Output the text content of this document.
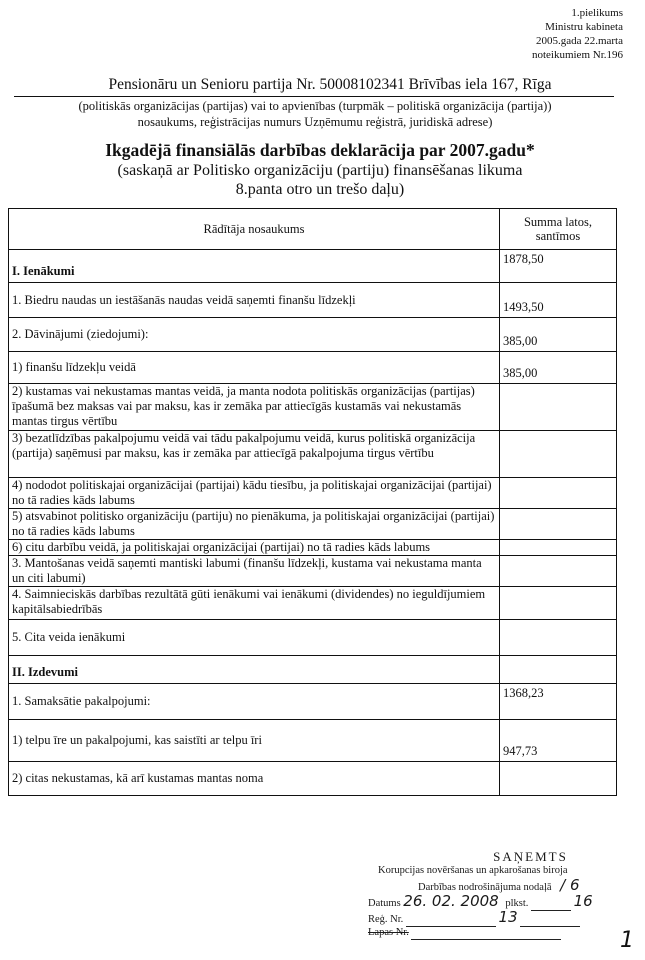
1.pielikums
Ministru kabineta
2005.gada 22.marta
noteikumiem Nr.196
Pensionāru un Senioru partija Nr. 50008102341 Brīvības iela 167, Rīga
(politiskās organizācijas (partijas) vai to apvienības (turpmāk – politiskā organizācija (partija))
nosaukums, reģistrācijas numurs Uzņēmumu reģistrā, juridiskā adrese)
Ikgadējā finansiālās darbības deklarācija par 2007.gadu*
(saskaņā ar Politisko organizāciju (partiju) finansēšanas likuma
8.panta otro un trešo daļu)
Rādītāja nosaukums	Summa latos,
santīmos

I. Ienākumi	1878,50
1. Biedru naudas un iestāšanās naudas veidā saņemti finanšu līdzekļi	1493,50
2. Dāvinājumi (ziedojumi):	385,00
1) finanšu līdzekļu veidā	385,00
2) kustamas vai nekustamas mantas veidā, ja manta nodota politiskās organizācijas (partijas) īpašumā bez maksas vai par maksu, kas ir zemāka par attiecīgās kustamās vai nekustamās mantas tirgus vērtību	
3) bezatlīdzības pakalpojumu veidā vai tādu pakalpojumu veidā, kurus politiskā organizācija (partija) saņēmusi par maksu, kas ir zemāka par attiecīgā pakalpojuma tirgus vērtību	
4) nododot politiskajai organizācijai (partijai) kādu tiesību, ja politiskajai organizācijai (partijai) no tā radies kāds labums	
5) atsvabinot politisko organizāciju (partiju) no pienākuma, ja politiskajai organizācijai (partijai) no tā radies kāds labums	
6) citu darbību veidā, ja politiskajai organizācijai (partijai) no tā radies kāds labums	
3. Mantošanas veidā saņemti mantiski labumi (finanšu līdzekļi, kustama vai nekustama manta un citi labumi)	
4. Saimnieciskās darbības rezultātā gūti ienākumi vai ienākumi (dividendes) no ieguldījumiem kapitālsabiedrībās	
5. Cita veida ienākumi	
II. Izdevumi	
1. Samaksātie pakalpojumi:	1368,23
1) telpu īre un pakalpojumi, kas saistīti ar telpu īri	947,73
2) citas nekustamas, kā arī kustamas mantas noma	
SAŅEMTS
Korupcijas novēršanas un apkarošanas biroja
Darbības nodrošinājuma nodaļā / 6
Datums 26. 02. 2008 plkst.	16
Reģ. Nr.	13
Lapas Nr.	1
